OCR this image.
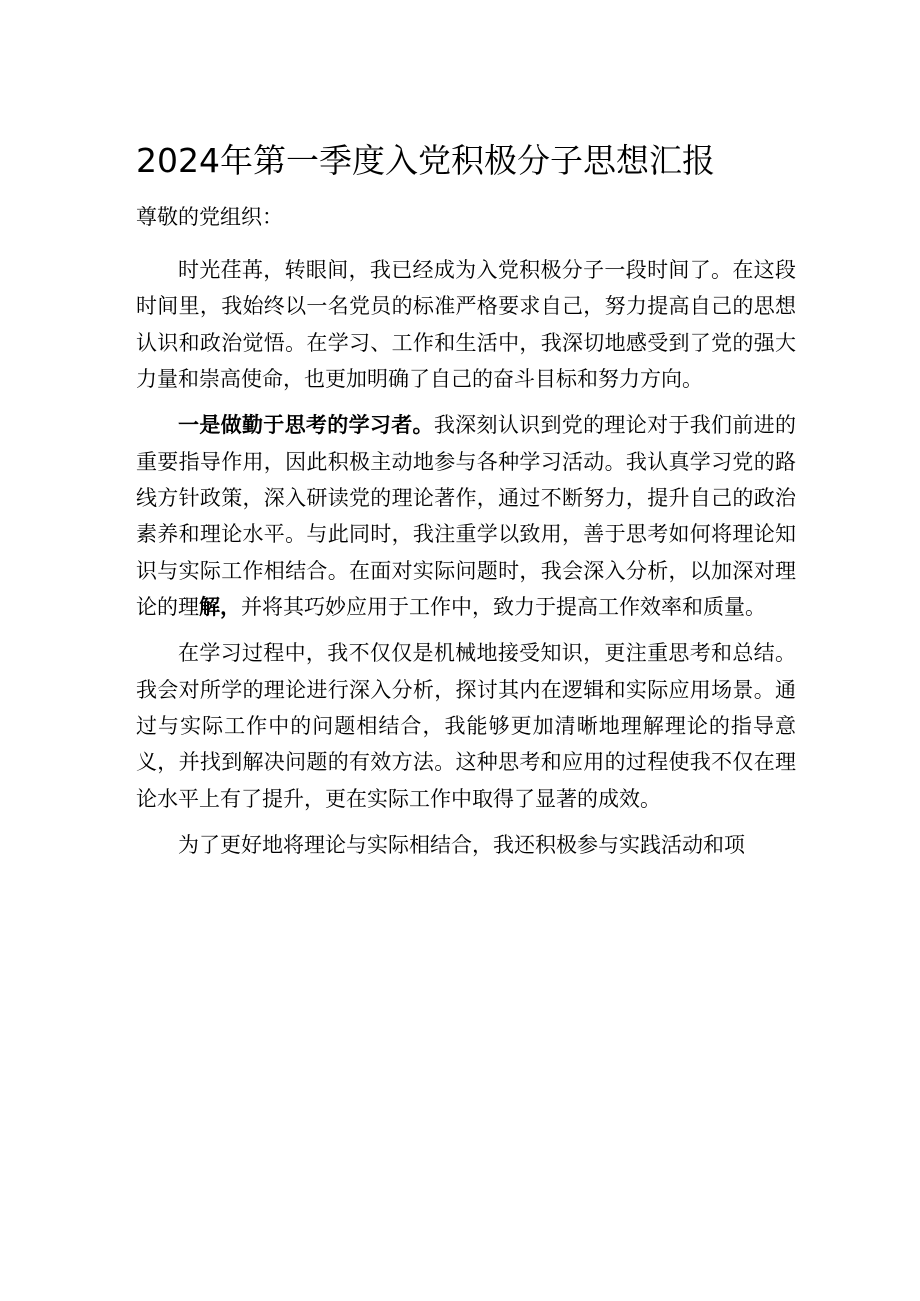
2024年第一季度入党积极分子思想汇报

尊敬的党组织：

时光荏苒，转眼间，我已经成为入党积极分子一段时间了。在这段时间里，我始终以一名党员的标准严格要求自己，努力提高自己的思想认识和政治觉悟。在学习、工作和生活中，我深切地感受到了党的强大力量和崇高使命，也更加明确了自己的奋斗目标和努力方向。

一是做勤于思考的学习者。我深刻认识到党的理论对于我们前进的重要指导作用，因此积极主动地参与各种学习活动。我认真学习党的路线方针政策，深入研读党的理论著作，通过不断努力，提升自己的政治素养和理论水平。与此同时，我注重学以致用，善于思考如何将理论知识与实际工作相结合。在面对实际问题时，我会深入分析，以加深对理论的理解，并将其巧妙应用于工作中，致力于提高工作效率和质量。

在学习过程中，我不仅仅是机械地接受知识，更注重思考和总结。我会对所学的理论进行深入分析，探讨其内在逻辑和实际应用场景。通过与实际工作中的问题相结合，我能够更加清晰地理解理论的指导意义，并找到解决问题的有效方法。这种思考和应用的过程使我不仅在理论水平上有了提升，更在实际工作中取得了显著的成效。

为了更好地将理论与实际相结合，我还积极参与实践活动和项
